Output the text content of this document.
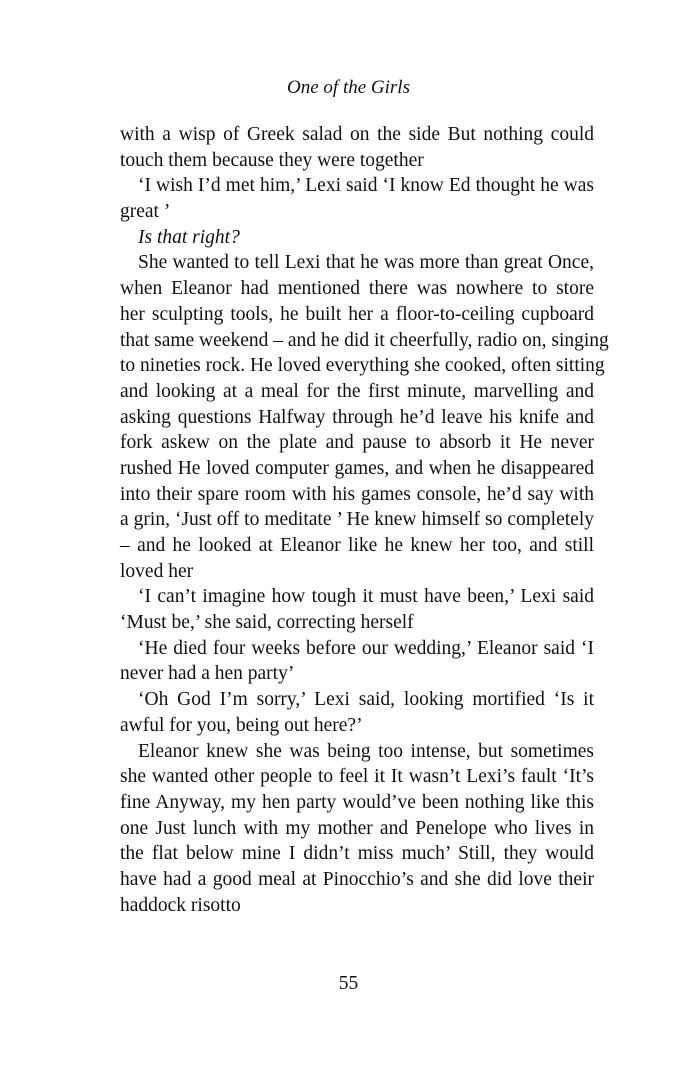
One of the Girls
with a wisp of Greek salad on the side But nothing could
touch them because they were together
‘I wish I’d met him,’ Lexi said ‘I know Ed thought he was
great ’
Is that right?
She wanted to tell Lexi that he was more than great Once,
when Eleanor had mentioned there was nowhere to store
her sculpting tools, he built her a floor-to-ceiling cupboard
that same weekend – and he did it cheerfully, radio on, singing
to nineties rock. He loved everything she cooked, often sitting
and looking at a meal for the first minute, marvelling and
asking questions Halfway through he’d leave his knife and
fork askew on the plate and pause to absorb it He never
rushed He loved computer games, and when he disappeared
into their spare room with his games console, he’d say with
a grin, ‘Just off to meditate ’ He knew himself so completely
– and he looked at Eleanor like he knew her too, and still
loved her
‘I can’t imagine how tough it must have been,’ Lexi said
‘Must be,’ she said, correcting herself
‘He died four weeks before our wedding,’ Eleanor said ‘I
never had a hen party’
‘Oh God I’m sorry,’ Lexi said, looking mortified ‘Is it
awful for you, being out here?’
Eleanor knew she was being too intense, but sometimes
she wanted other people to feel it It wasn’t Lexi’s fault ‘It’s
fine Anyway, my hen party would’ve been nothing like this
one Just lunch with my mother and Penelope who lives in
the flat below mine I didn’t miss much’ Still, they would
have had a good meal at Pinocchio’s and she did love their
haddock risotto
55
